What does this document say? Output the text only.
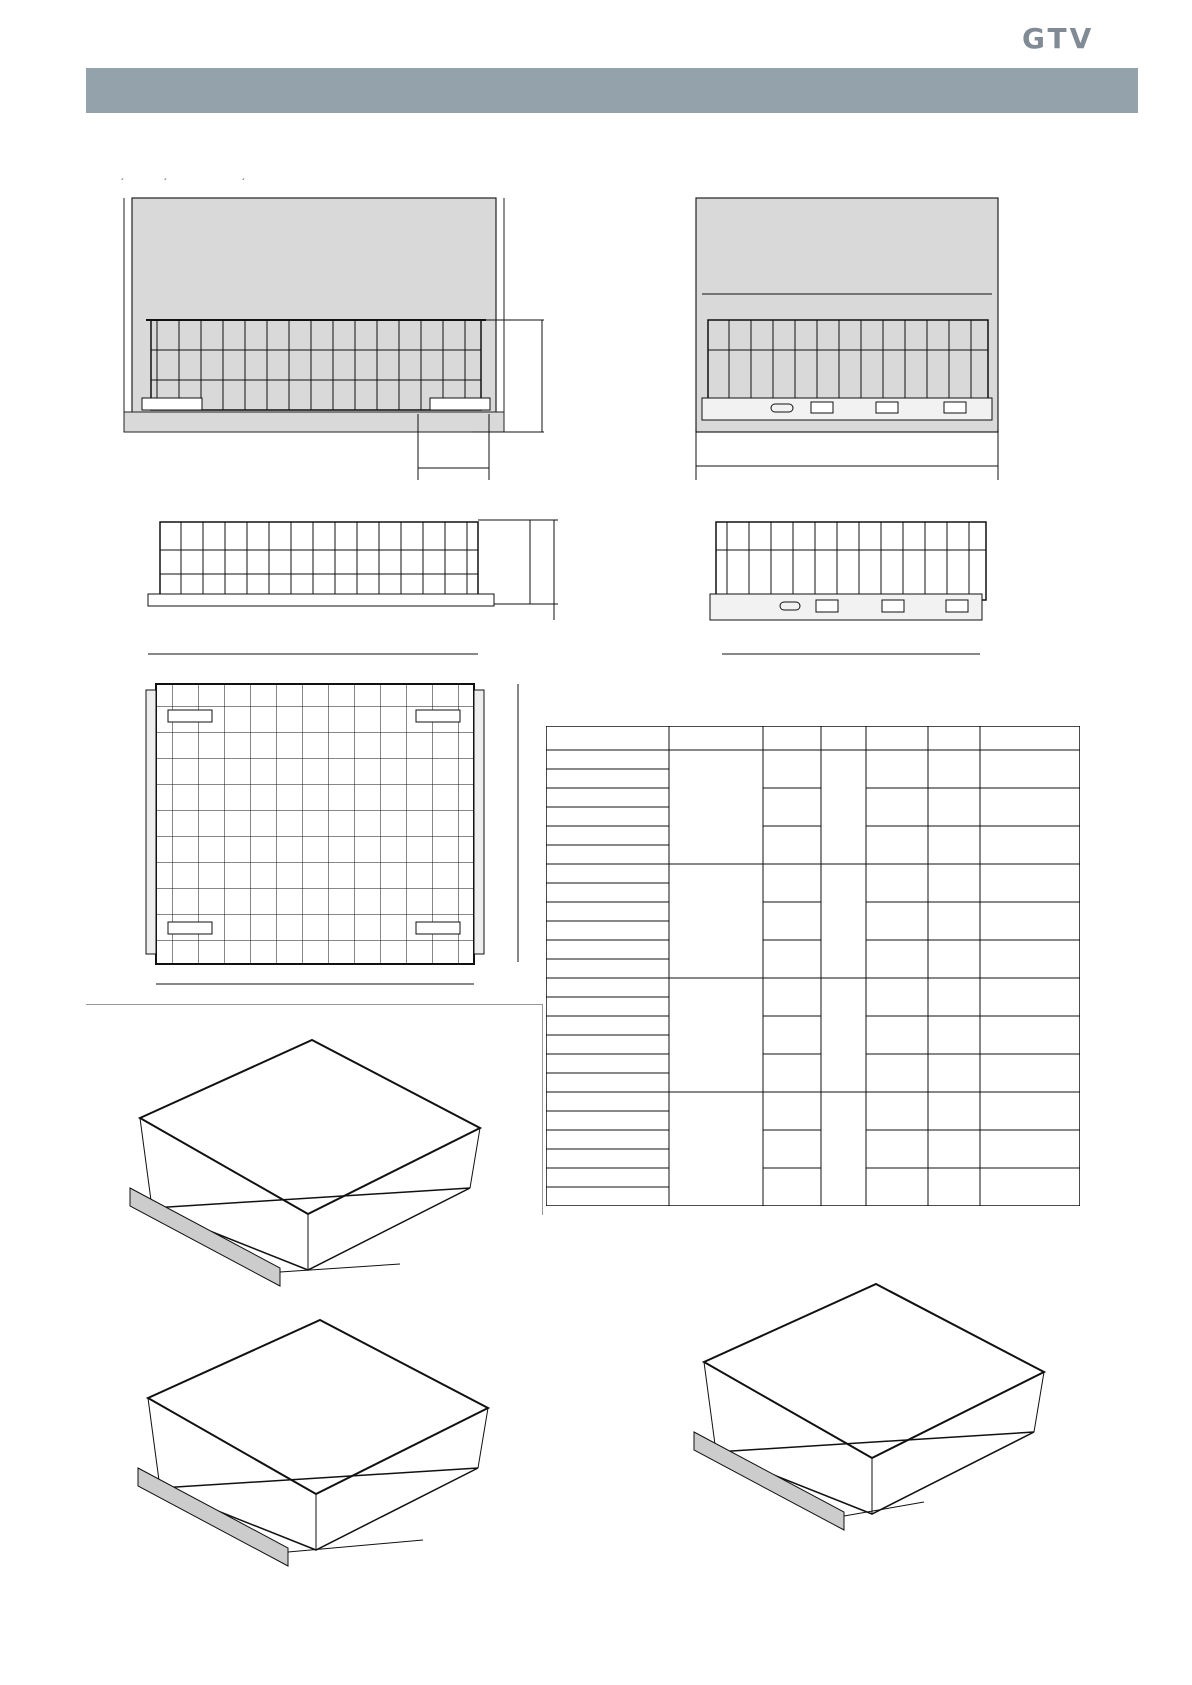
GTV
´	´	´
